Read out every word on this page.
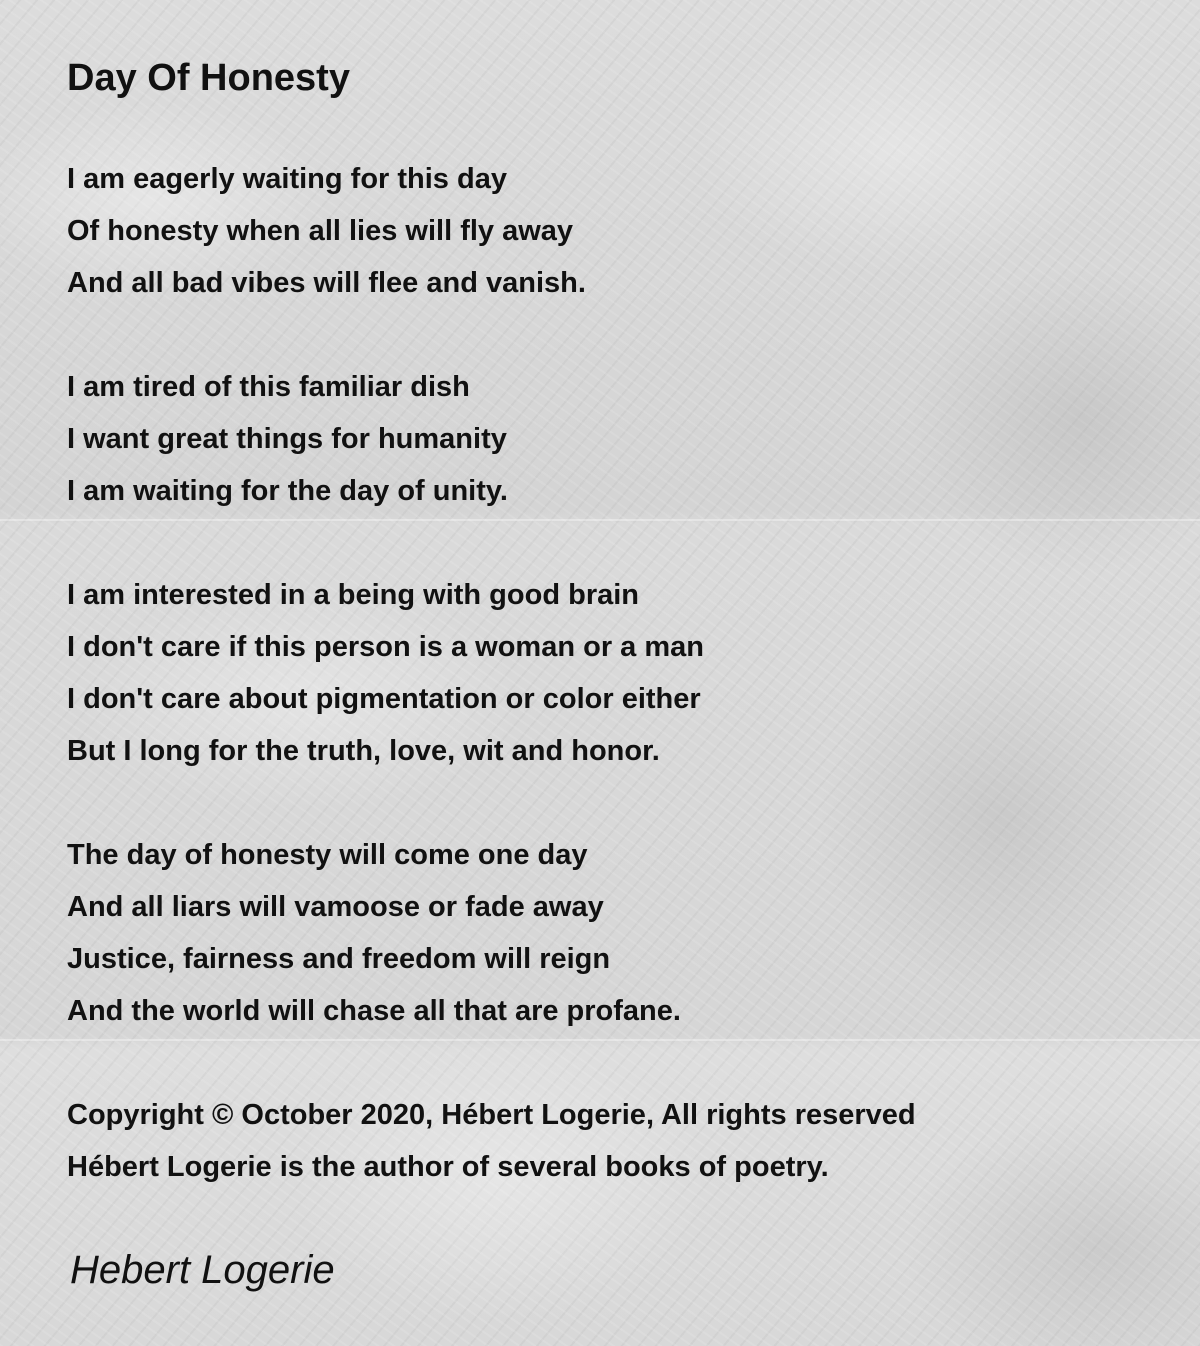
Day Of Honesty
I am eagerly waiting for this day
Of honesty when all lies will fly away
And all bad vibes will flee and vanish.
I am tired of this familiar dish
I want great things for humanity
I am waiting for the day of unity.
I am interested in a being with good brain
I don't care if this person is a woman or a man
I don't care about pigmentation or color either
But I long for the truth, love, wit and honor.
The day of honesty will come one day
And all liars will vamoose or fade away
Justice, fairness and freedom will reign
And the world will chase all that are profane.
Copyright © October 2020, Hébert Logerie, All rights reserved
Hébert Logerie is the author of several books of poetry.
Hebert Logerie
